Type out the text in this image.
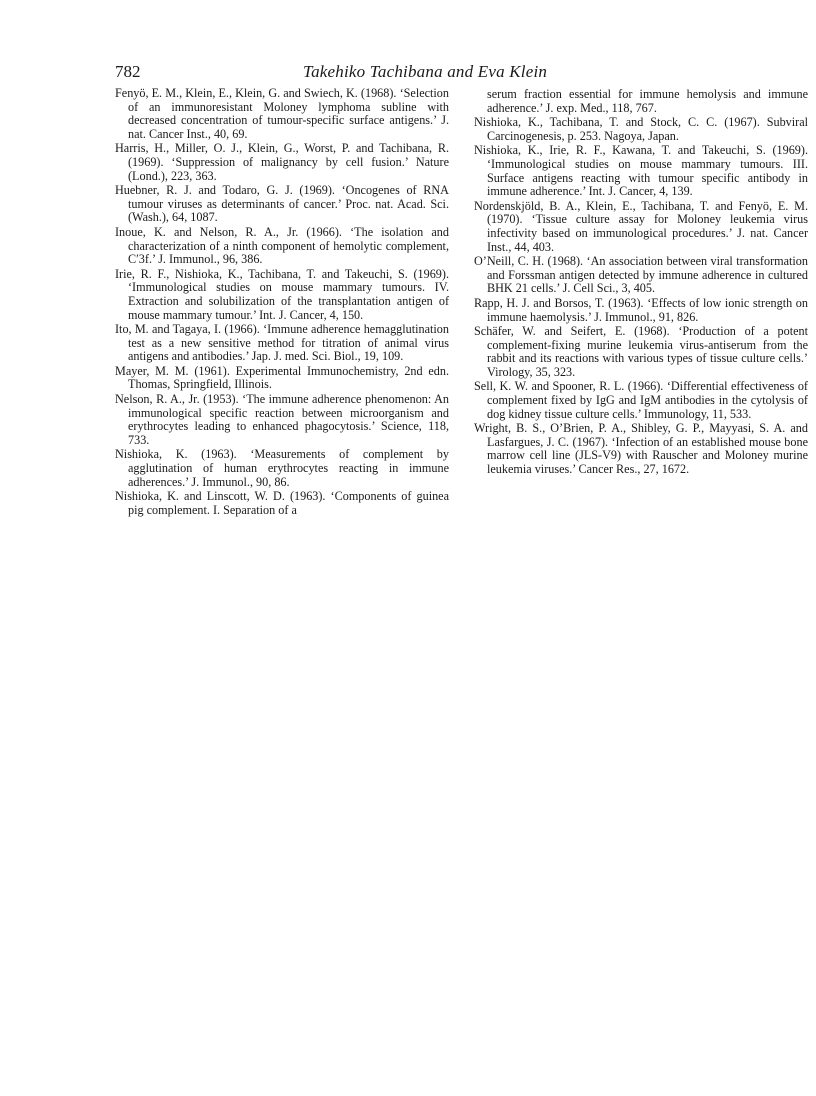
782	Takehiko Tachibana and Eva Klein

Fenyö, E. M., Klein, E., Klein, G. and Swiech, K. (1968). ‘Selection of an immunoresistant Moloney lymphoma subline with decreased concentration of tumour-specific surface antigens.’ J. nat. Cancer Inst., 40, 69.

Harris, H., Miller, O. J., Klein, G., Worst, P. and Tachibana, R. (1969). ‘Suppression of malignancy by cell fusion.’ Nature (Lond.), 223, 363.

Huebner, R. J. and Todaro, G. J. (1969). ‘Oncogenes of RNA tumour viruses as determinants of cancer.’ Proc. nat. Acad. Sci. (Wash.), 64, 1087.

Inoue, K. and Nelson, R. A., Jr. (1966). ‘The isolation and characterization of a ninth component of hemolytic complement, C′3f.’ J. Immunol., 96, 386.

Irie, R. F., Nishioka, K., Tachibana, T. and Takeuchi, S. (1969). ‘Immunological studies on mouse mammary tumours. IV. Extraction and solubilization of the transplantation antigen of mouse mammary tumour.’ Int. J. Cancer, 4, 150.

Ito, M. and Tagaya, I. (1966). ‘Immune adherence hemagglutination test as a new sensitive method for titration of animal virus antigens and antibodies.’ Jap. J. med. Sci. Biol., 19, 109.

Mayer, M. M. (1961). Experimental Immunochemistry, 2nd edn. Thomas, Springfield, Illinois.

Nelson, R. A., Jr. (1953). ‘The immune adherence phenomenon: An immunological specific reaction between microorganism and erythrocytes leading to enhanced phagocytosis.’ Science, 118, 733.

Nishioka, K. (1963). ‘Measurements of complement by agglutination of human erythrocytes reacting in immune adherences.’ J. Immunol., 90, 86.

Nishioka, K. and Linscott, W. D. (1963). ‘Components of guinea pig complement. I. Separation of a

serum fraction essential for immune hemolysis and immune adherence.’ J. exp. Med., 118, 767.

Nishioka, K., Tachibana, T. and Stock, C. C. (1967). Subviral Carcinogenesis, p. 253. Nagoya, Japan.

Nishioka, K., Irie, R. F., Kawana, T. and Takeuchi, S. (1969). ‘Immunological studies on mouse mammary tumours. III. Surface antigens reacting with tumour specific antibody in immune adherence.’ Int. J. Cancer, 4, 139.

Nordenskjöld, B. A., Klein, E., Tachibana, T. and Fenyö, E. M. (1970). ‘Tissue culture assay for Moloney leukemia virus infectivity based on immunological procedures.’ J. nat. Cancer Inst., 44, 403.

O’Neill, C. H. (1968). ‘An association between viral transformation and Forssman antigen detected by immune adherence in cultured BHK 21 cells.’ J. Cell Sci., 3, 405.

Rapp, H. J. and Borsos, T. (1963). ‘Effects of low ionic strength on immune haemolysis.’ J. Immunol., 91, 826.

Schäfer, W. and Seifert, E. (1968). ‘Production of a potent complement-fixing murine leukemia virus-antiserum from the rabbit and its reactions with various types of tissue culture cells.’ Virology, 35, 323.

Sell, K. W. and Spooner, R. L. (1966). ‘Differential effectiveness of complement fixed by IgG and IgM antibodies in the cytolysis of dog kidney tissue culture cells.’ Immunology, 11, 533.

Wright, B. S., O’Brien, P. A., Shibley, G. P., Mayyasi, S. A. and Lasfargues, J. C. (1967). ‘Infection of an established mouse bone marrow cell line (JLS-V9) with Rauscher and Moloney murine leukemia viruses.’ Cancer Res., 27, 1672.
